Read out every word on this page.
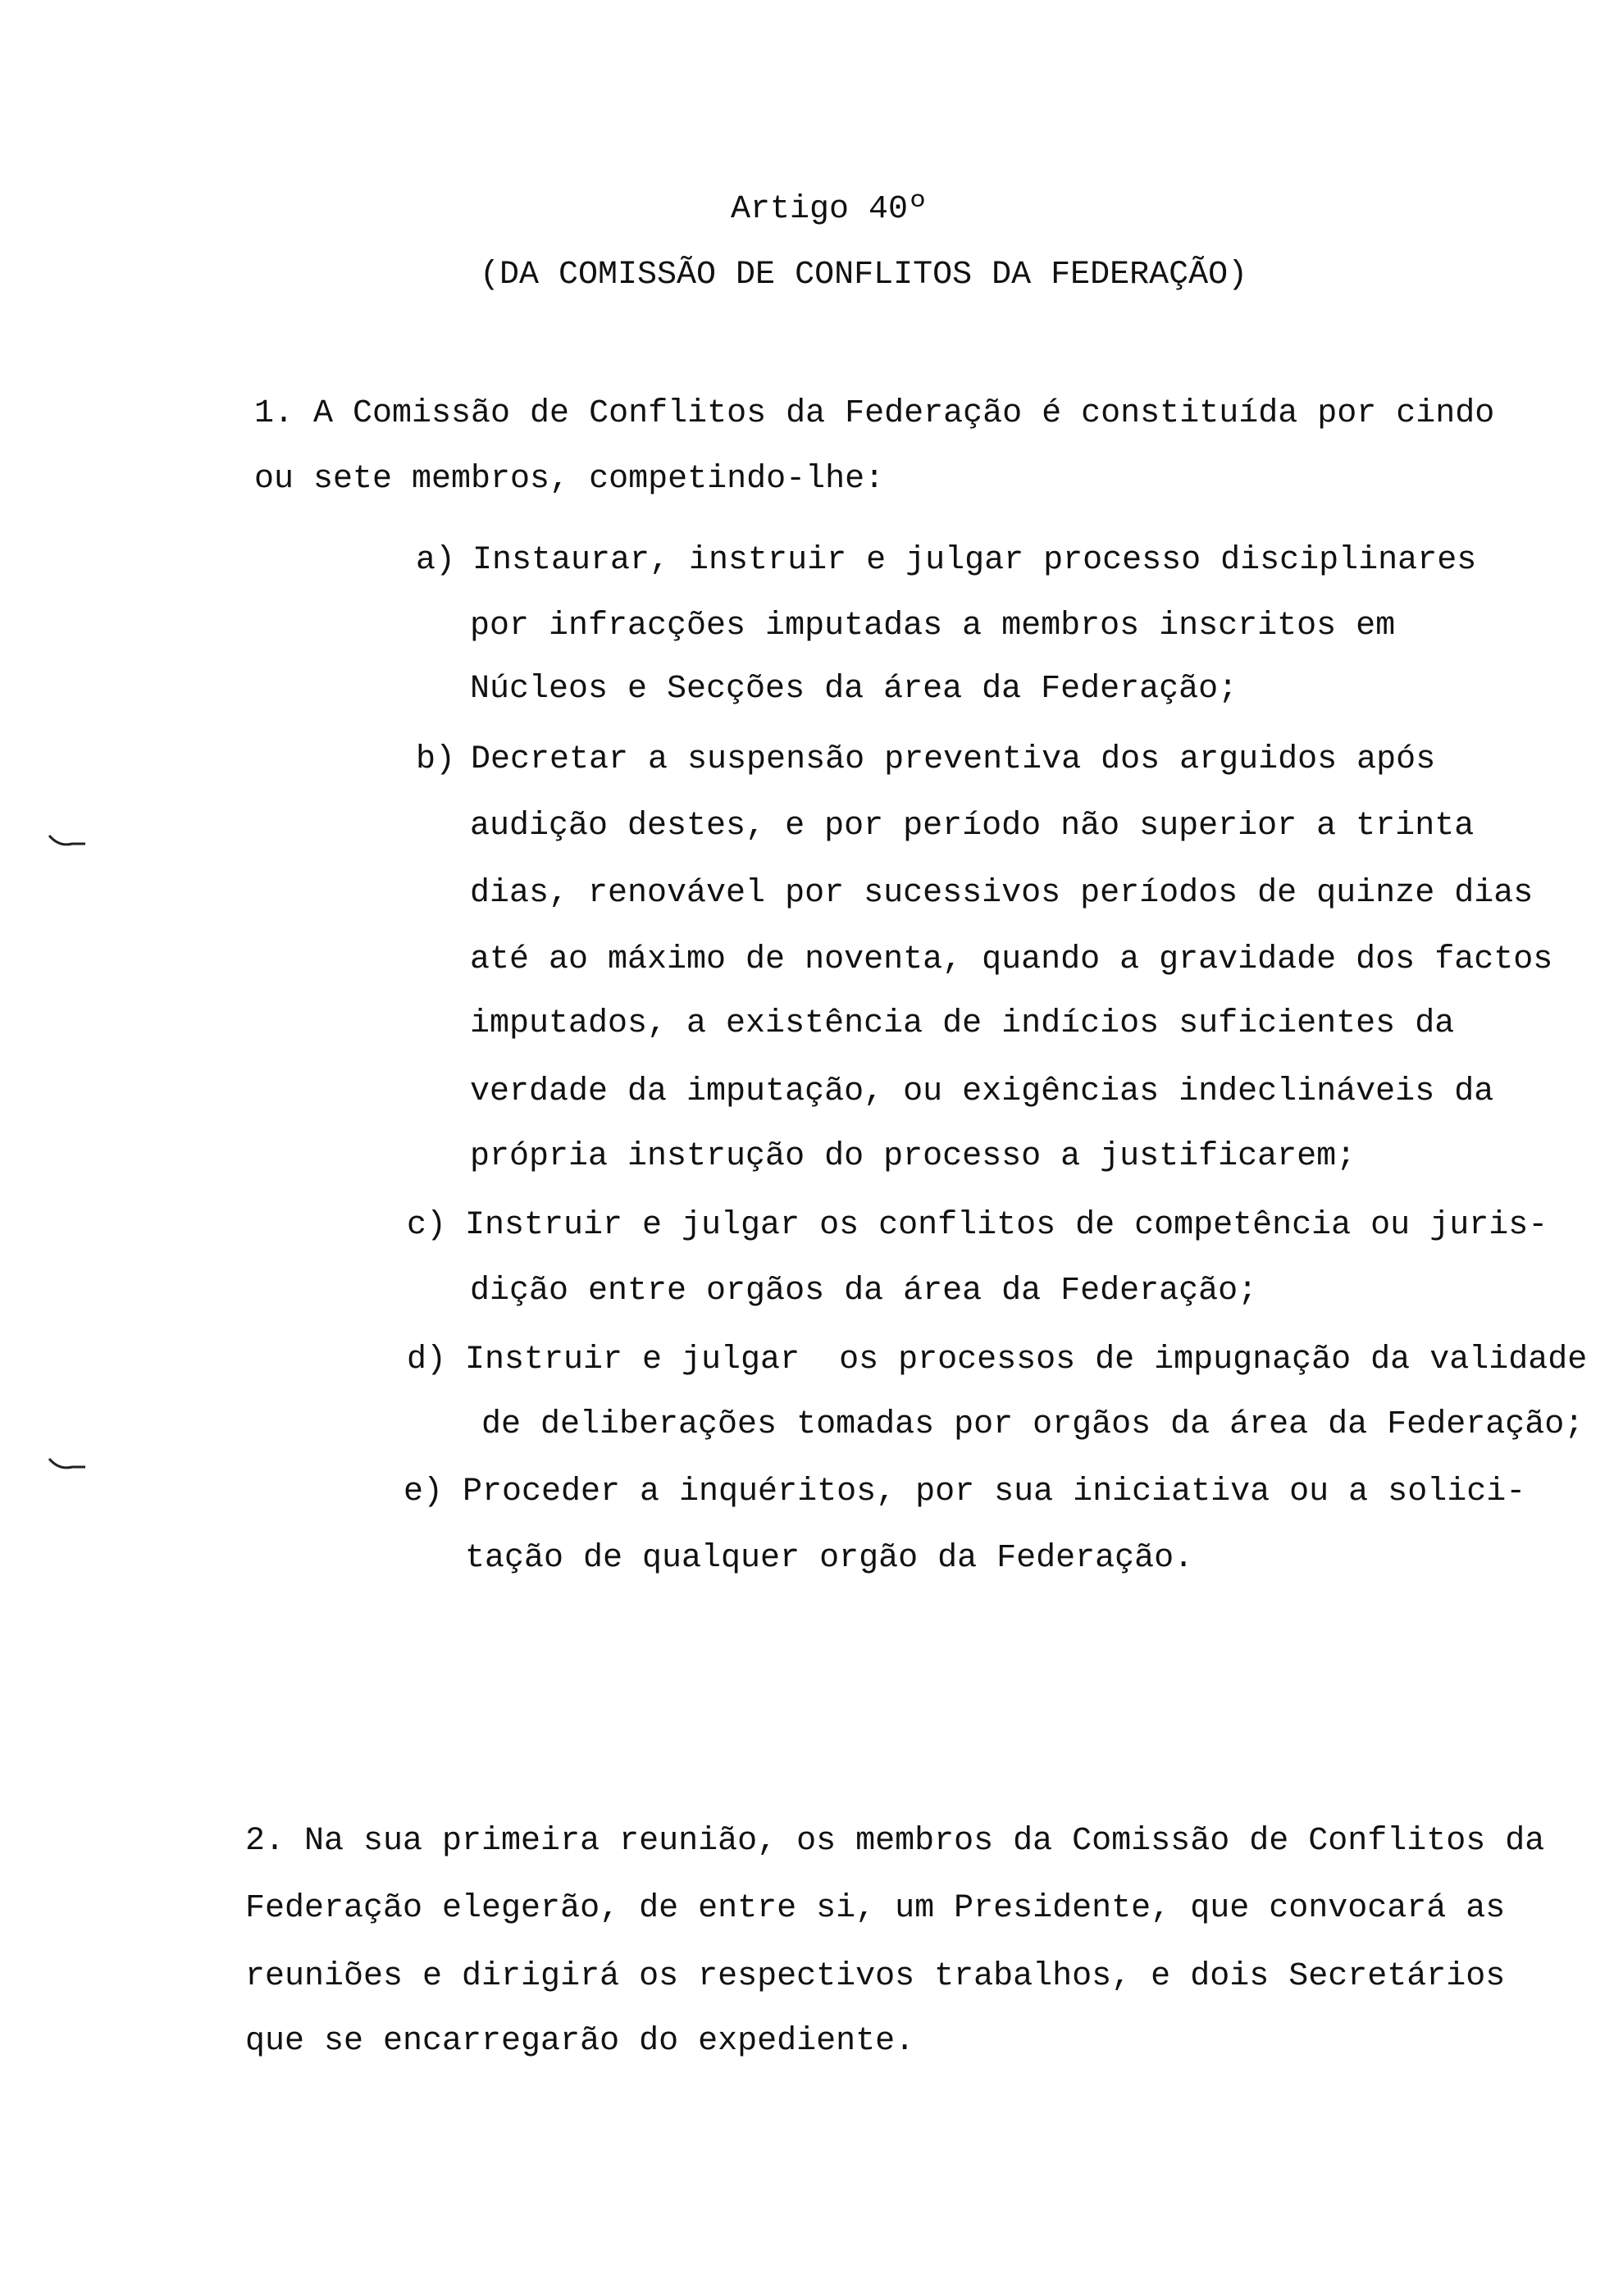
Artigo 40º
(DA COMISSÃO DE CONFLITOS DA FEDERAÇÃO)
1. A Comissão de Conflitos da Federação é constituída por cindo
ou sete membros, competindo-lhe:
a) Instaurar, instruir e julgar processo disciplinares
por infracções imputadas a membros inscritos em
Núcleos e Secções da área da Federação;
b) Decretar a suspensão preventiva dos arguidos após
audição destes, e por período não superior a trinta
dias, renovável por sucessivos períodos de quinze dias
até ao máximo de noventa, quando a gravidade dos factos
imputados, a existência de indícios suficientes da
verdade da imputação, ou exigências indeclináveis da
própria instrução do processo a justificarem;
c) Instruir e julgar os conflitos de competência ou juris-
dição entre orgãos da área da Federação;
d) Instruir e julgar  os processos de impugnação da validade
de deliberações tomadas por orgãos da área da Federação;
e) Proceder a inquéritos, por sua iniciativa ou a solici-
tação de qualquer orgão da Federação.
2. Na sua primeira reunião, os membros da Comissão de Conflitos da
Federação elegerão, de entre si, um Presidente, que convocará as
reuniões e dirigirá os respectivos trabalhos, e dois Secretários
que se encarregarão do expediente.
